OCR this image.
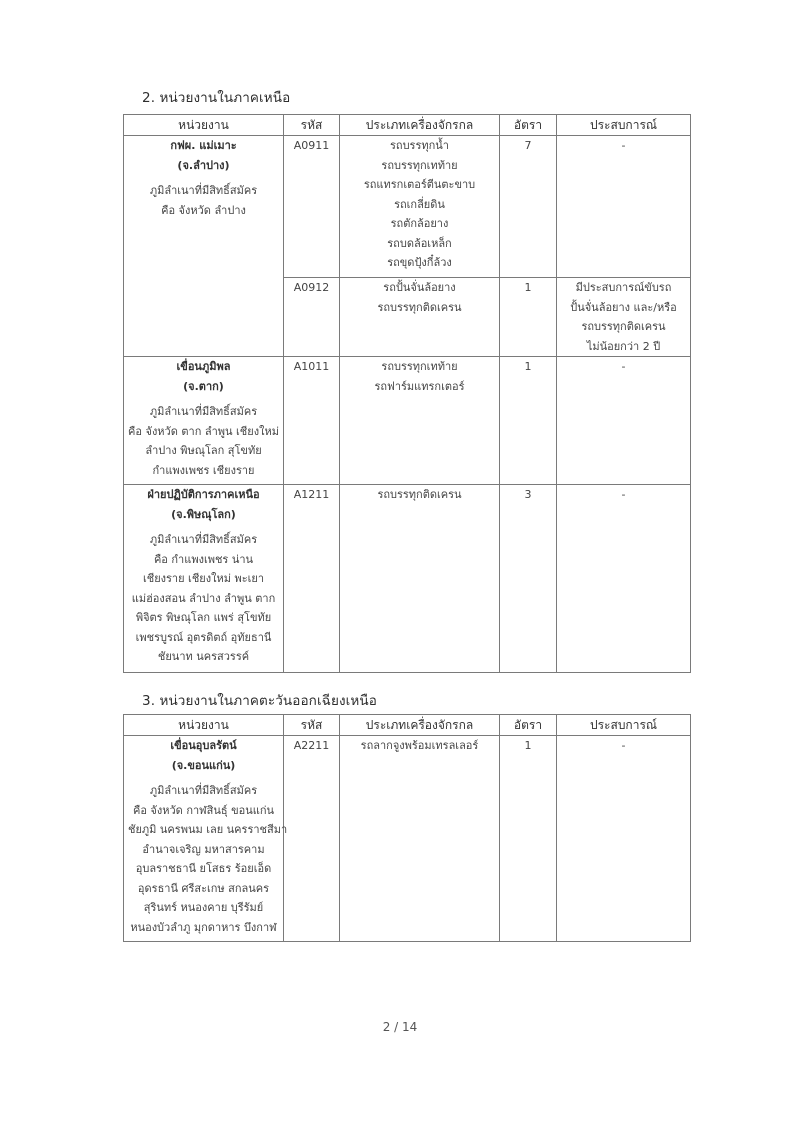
2. หน่วยงานในภาคเหนือ
หน่วยงาน	รหัส	ประเภทเครื่องจักรกล	อัตรา	ประสบการณ์

กฟผ. แม่เมาะ
(จ.ลำปาง)
ภูมิลำเนาที่มีสิทธิ์สมัคร
คือ จังหวัด ลำปาง
	A0911	รถบรรทุกน้ำ
รถบรรทุกเทท้าย
รถแทรกเตอร์ตีนตะขาบ
รถเกลี่ยดิน
รถตักล้อยาง
รถบดล้อเหล็ก
รถขุดปุ้งกี๋ล้วง
	7	-

	A0912	รถปั้นจั่นล้อยาง
รถบรรทุกติดเครน	1	มีประสบการณ์ขับรถ
ปั้นจั่นล้อยาง และ/หรือ
รถบรรทุกติดเครน
ไม่น้อยกว่า 2 ปี

เขื่อนภูมิพล
(จ.ตาก)
ภูมิลำเนาที่มีสิทธิ์สมัคร
คือ จังหวัด ตาก ลำพูน เชียงใหม่
ลำปาง พิษณุโลก สุโขทัย
กำแพงเพชร เชียงราย
	A1011	รถบรรทุกเทท้าย
รถฟาร์มแทรกเตอร์
	1	-

ฝ่ายปฏิบัติการภาคเหนือ
(จ.พิษณุโลก)
ภูมิลำเนาที่มีสิทธิ์สมัคร
คือ กำแพงเพชร น่าน
เชียงราย เชียงใหม่ พะเยา
แม่ฮ่องสอน ลำปาง ลำพูน ตาก
พิจิตร พิษณุโลก แพร่ สุโขทัย
เพชรบูรณ์ อุตรดิตถ์ อุทัยธานี
ชัยนาท นครสวรรค์
	A1211	รถบรรทุกติดเครน	3	-
3. หน่วยงานในภาคตะวันออกเฉียงเหนือ
หน่วยงาน	รหัส	ประเภทเครื่องจักรกล	อัตรา	ประสบการณ์

เขื่อนอุบลรัตน์
(จ.ขอนแก่น)
ภูมิลำเนาที่มีสิทธิ์สมัคร
คือ จังหวัด กาฬสินธุ์ ขอนแก่น
ชัยภูมิ นครพนม เลย นครราชสีมา
อำนาจเจริญ มหาสารคาม
อุบลราชธานี ยโสธร ร้อยเอ็ด
อุดรธานี ศรีสะเกษ สกลนคร
สุรินทร์ หนองคาย บุรีรัมย์
หนองบัวลำภู มุกดาหาร บึงกาฬ
	A2211	รถลากจูงพร้อมเทรลเลอร์	1	-
2 / 14
